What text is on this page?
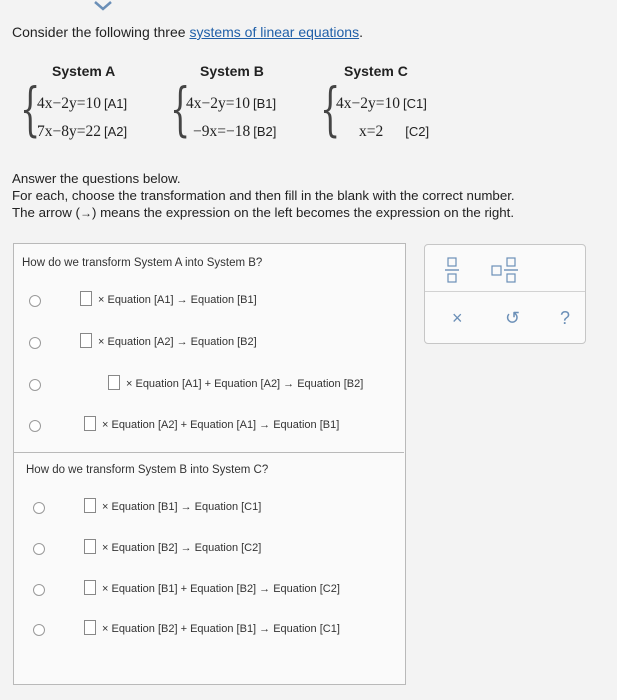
Consider the following three systems of linear equations.
System A
{
4x−2y=10 [A1]
7x−8y=22 [A2]
System B
{
4x−2y=10 [B1]
−9x=−18 [B2]
System C
{
4x−2y=10 [C1]
x=2 [C2]
Answer the questions below.
For each, choose the transformation and then fill in the blank with the correct number.
The arrow (→) means the expression on the left becomes the expression on the right.
How do we transform System A into System B?
× Equation [A1] → Equation [B1]
× Equation [A2] → Equation [B2]
× Equation [A1] + Equation [A2] → Equation [B2]
× Equation [A2] + Equation [A1] → Equation [B1]
How do we transform System B into System C?
× Equation [B1] → Equation [C1]
× Equation [B2] → Equation [C2]
× Equation [B1] + Equation [B2] → Equation [C2]
× Equation [B2] + Equation [B1] → Equation [C1]
× ↺ ?
